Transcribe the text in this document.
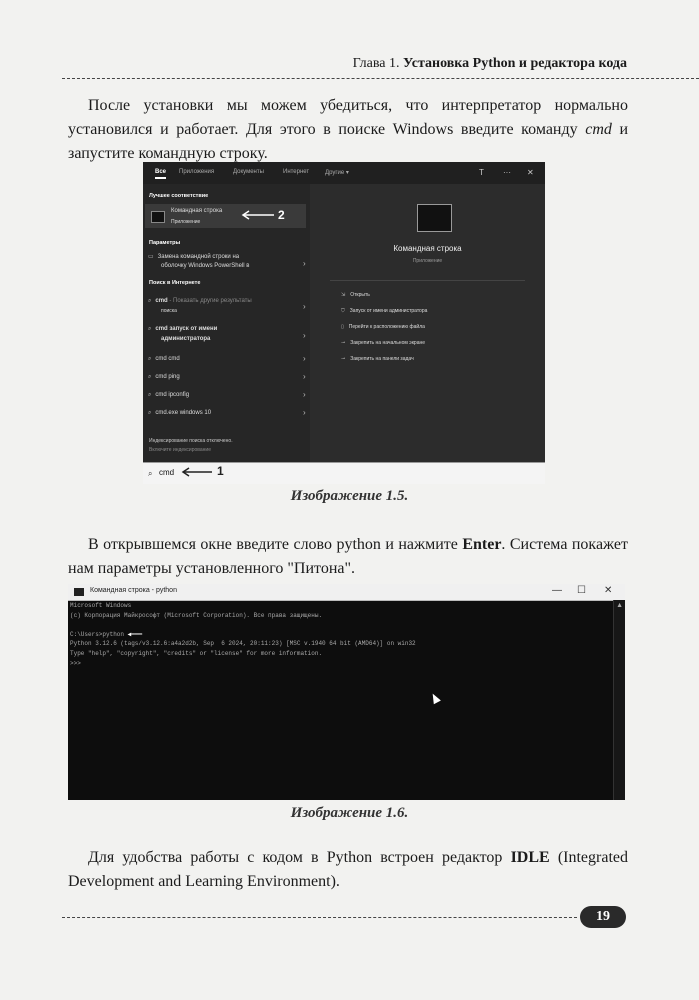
Глава 1. Установка Python и редактора кода
После установки мы можем убедиться, что интерпретатор нормально установился и работает. Для этого в поиске Windows введите команду cmd и запустите командную строку.
Все Приложения	Документы	Интернет	Другие ▾	T ··· ✕
Лучшее соответствие
Командная строка
Приложение
Параметры
▭ Замена командной строки на
оболочку Windows PowerShell в	›
Поиск в Интернете
⌕ cmd - Показать другие результаты
поиска	›
⌕ cmd запуск от имени
администратора	›
⌕ cmd cmd	›
⌕ cmd ping	›
⌕ cmd ipconfig	›
⌕ cmd.exe windows 10	›
Индексирование поиска отключено.
Включите индексирование
Командная строка
Приложение
⇲ Открыть
⛉ Запуск от имени администратора
▯ Перейти к расположению файла
⊸ Закрепить на начальном экране
⊸ Закрепить на панели задач
⌕ cmd
2
1
Изображение 1.5.
В открывшемся окне введите слово python и нажмите Enter. Система покажет нам параметры установленного "Питона".
Командная строка - python	— ☐ ✕
Microsoft Windows
(c) Корпорация Майкрософт (Microsoft Corporation). Все права защищены.

C:\Users>python ◀━━━
Python 3.12.6 (tags/v3.12.6:a4a2d2b, Sep  6 2024, 20:11:23) [MSC v.1940 64 bit (AMD64)] on win32
Type "help", "copyright", "credits" or "license" for more information.
>>>
▲
Изображение 1.6.
Для удобства работы с кодом в Python встроен редактор IDLE (Integrated Development and Learning Environment).
19
